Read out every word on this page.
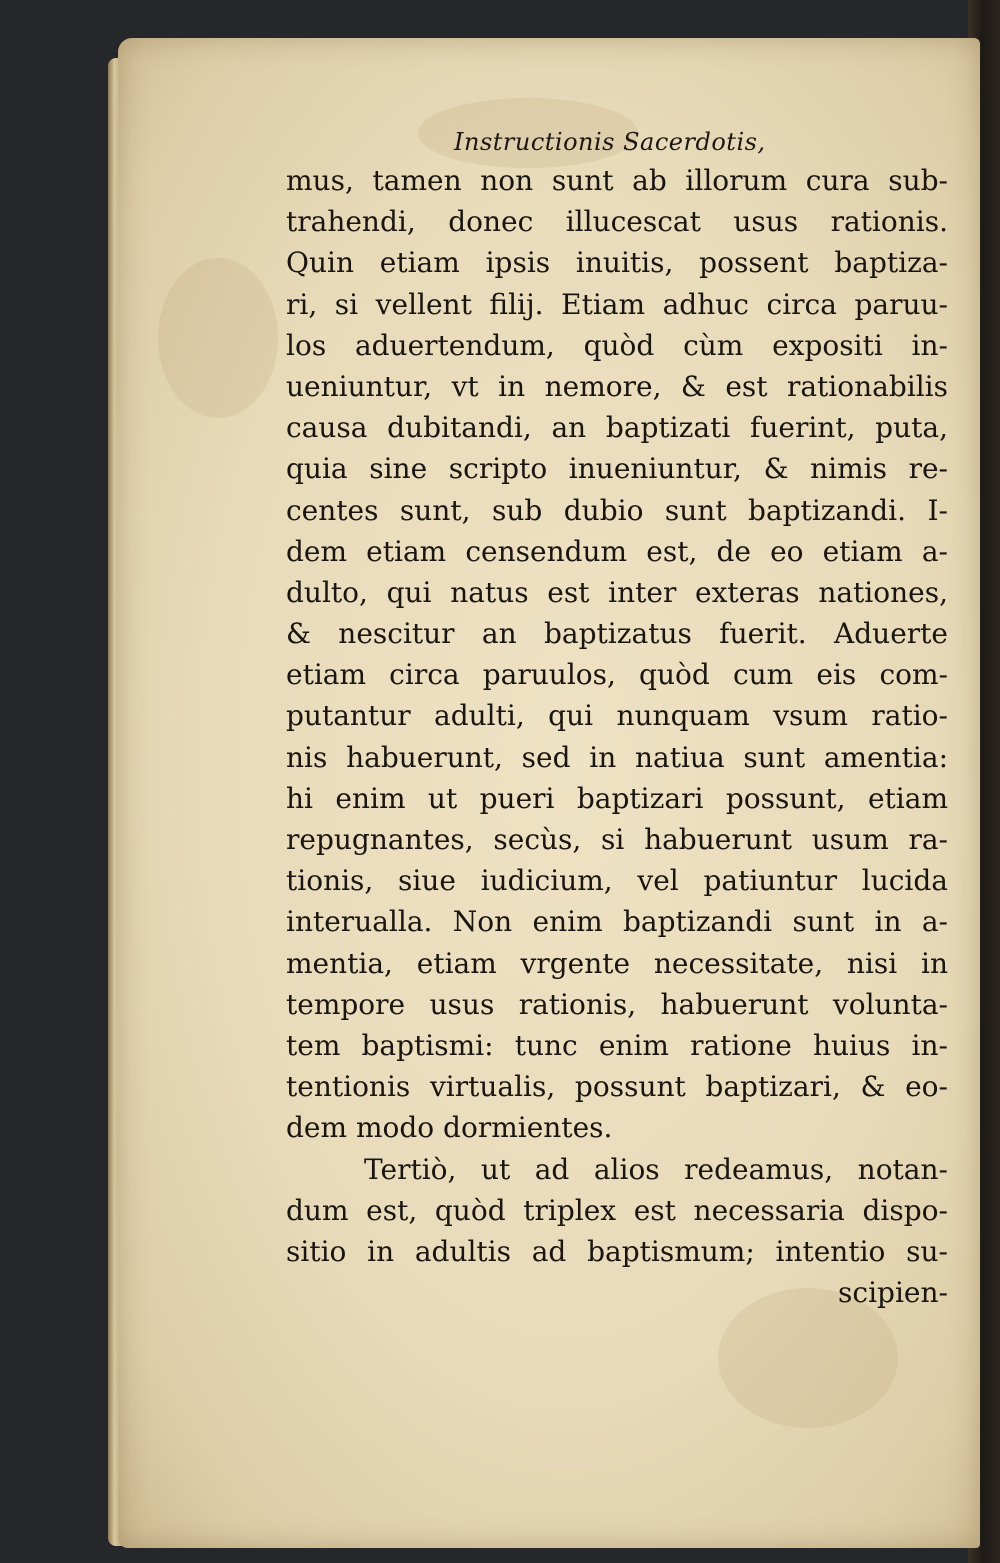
Instructionis Sacerdotis,
mus, tamen non sunt ab illorum cura sub-
trahendi, donec illucescat usus rationis.
Quin etiam ipsis inuitis, possent baptiza-
ri, si vellent filij. Etiam adhuc circa paruu-
los aduertendum, quòd cùm expositi in-
ueniuntur, vt in nemore, & est rationabilis
causa dubitandi, an baptizati fuerint, puta,
quia sine scripto inueniuntur, & nimis re-
centes sunt, sub dubio sunt baptizandi. I-
dem etiam censendum est, de eo etiam a-
dulto, qui natus est inter exteras nationes,
& nescitur an baptizatus fuerit. Aduerte
etiam circa paruulos, quòd cum eis com-
putantur adulti, qui nunquam vsum ratio-
nis habuerunt, sed in natiua sunt amentia:
hi enim ut pueri baptizari possunt, etiam
repugnantes, secùs, si habuerunt usum ra-
tionis, siue iudicium, vel patiuntur lucida
interualla. Non enim baptizandi sunt in a-
mentia, etiam vrgente necessitate, nisi in
tempore usus rationis, habuerunt volunta-
tem baptismi: tunc enim ratione huius in-
tentionis virtualis, possunt baptizari, & eo-
dem modo dormientes.
Tertiò, ut ad alios redeamus, notan-
dum est, quòd triplex est necessaria dispo-
sitio in adultis ad baptismum; intentio su-
scipien-
